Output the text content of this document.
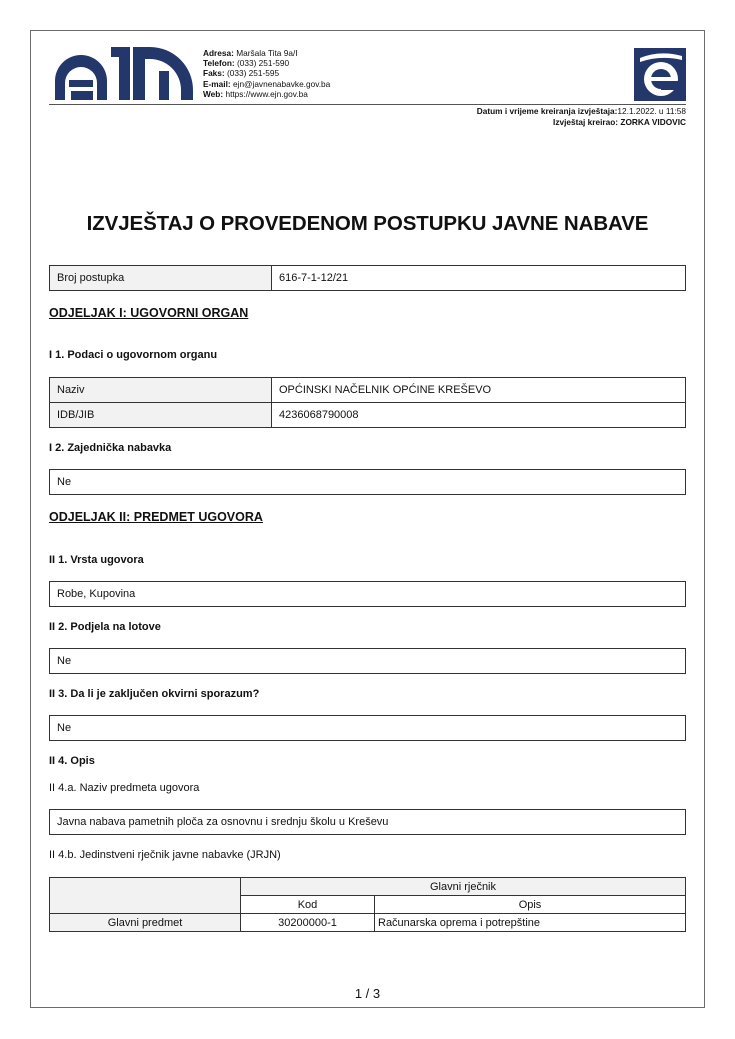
Adresa: Maršala Tita 9a/I
Telefon: (033) 251-590
Faks: (033) 251-595
E-mail: ejn@javnenabavke.gov.ba
Web: https://www.ejn.gov.ba
Datum i vrijeme kreiranja izvještaja:12.1.2022. u 11:58
Izvještaj kreirao: ZORKA VIDOVIC
IZVJEŠTAJ O PROVEDENOM POSTUPKU JAVNE NABAVE
Broj postupka	616-7-1-12/21
ODJELJAK I: UGOVORNI ORGAN
I 1. Podaci o ugovornom organu
Naziv	OPĆINSKI NAČELNIK OPĆINE KREŠEVO
IDB/JIB	4236068790008
I 2. Zajednička nabavka
Ne
ODJELJAK II: PREDMET UGOVORA
II 1. Vrsta ugovora
Robe, Kupovina
II 2. Podjela na lotove
Ne
II 3. Da li je zaključen okvirni sporazum?
Ne
II 4. Opis
II 4.a. Naziv predmeta ugovora
Javna nabava pametnih ploča za osnovnu i srednju školu u Kreševu
II 4.b. Jedinstveni rječnik javne nabavke (JRJN)
	Glavni rječnik	
	Kod	Opis
Glavni predmet	30200000-1	Računarska oprema i potrepštine
1 / 3
